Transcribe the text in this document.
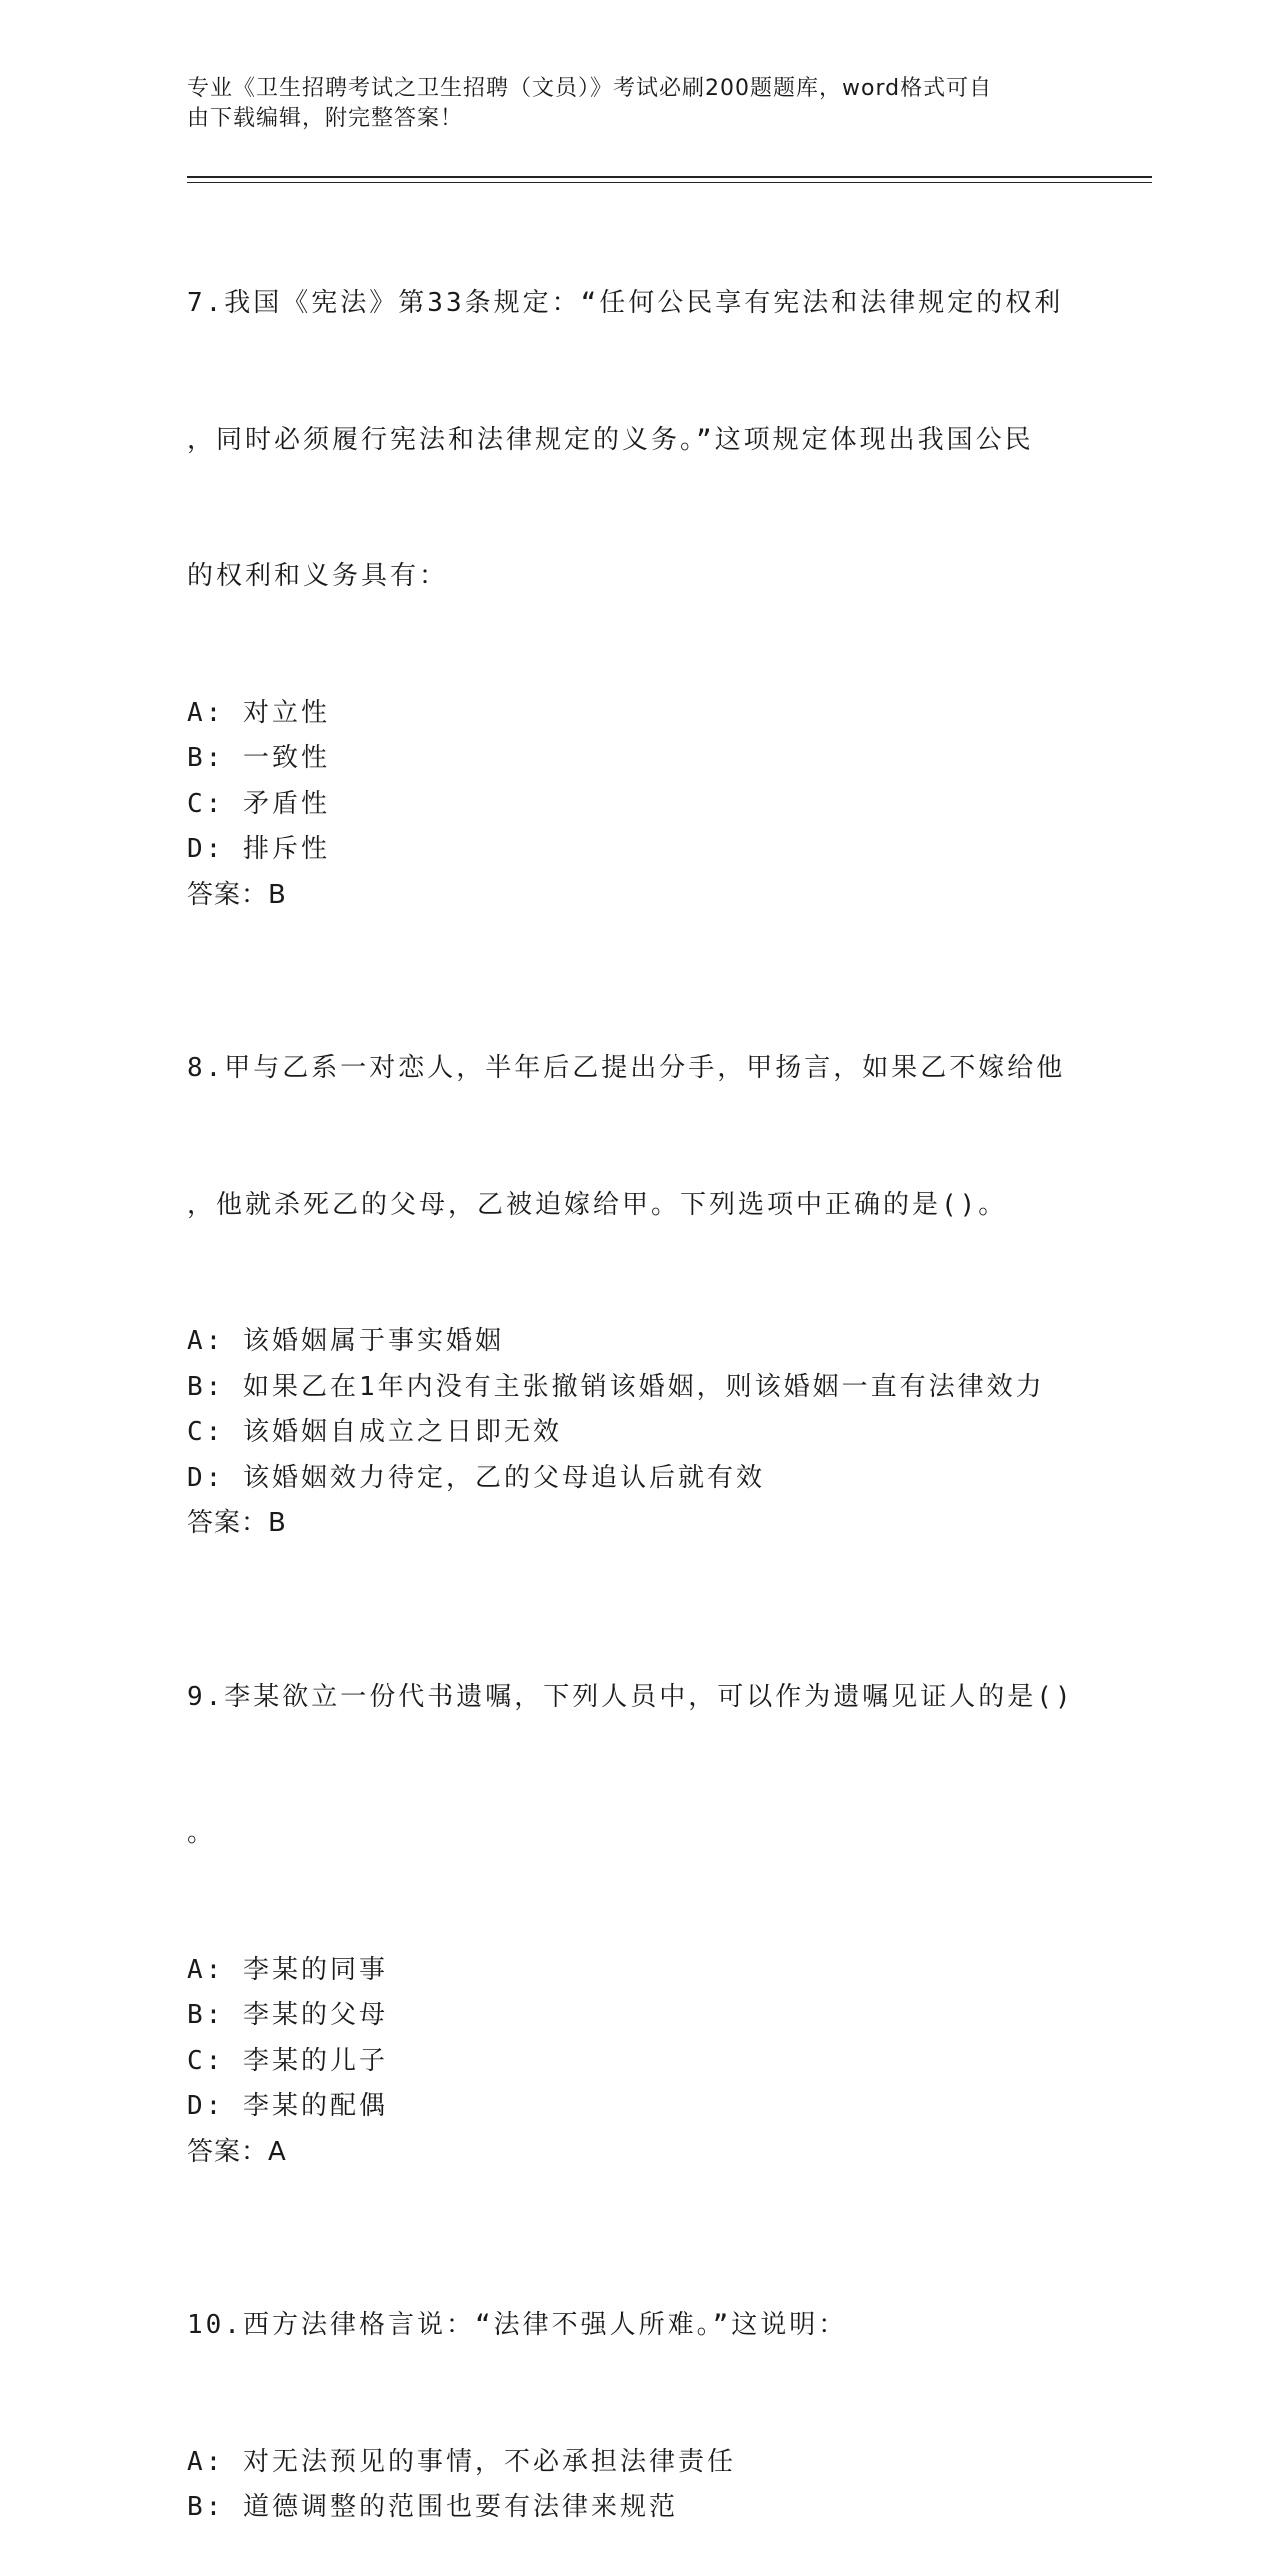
专业《卫生招聘考试之卫生招聘（文员）》考试必刷200题题库，word格式可自
由下载编辑，附完整答案！

7.我国《宪法》第33条规定：“任何公民享有宪法和法律规定的权利

，同时必须履行宪法和法律规定的义务。”这项规定体现出我国公民

的权利和义务具有：

A: 对立性
B: 一致性
C: 矛盾性
D: 排斥性
答案：B

8.甲与乙系一对恋人，半年后乙提出分手，甲扬言，如果乙不嫁给他

，他就杀死乙的父母，乙被迫嫁给甲。下列选项中正确的是()。

A: 该婚姻属于事实婚姻
B: 如果乙在1年内没有主张撤销该婚姻，则该婚姻一直有法律效力
C: 该婚姻自成立之日即无效
D: 该婚姻效力待定，乙的父母追认后就有效
答案：B

9.李某欲立一份代书遗嘱，下列人员中，可以作为遗嘱见证人的是()

。

A: 李某的同事
B: 李某的父母
C: 李某的儿子
D: 李某的配偶
答案：A

10.西方法律格言说：“法律不强人所难。”这说明：

A: 对无法预见的事情，不必承担法律责任
B: 道德调整的范围也要有法律来规范
